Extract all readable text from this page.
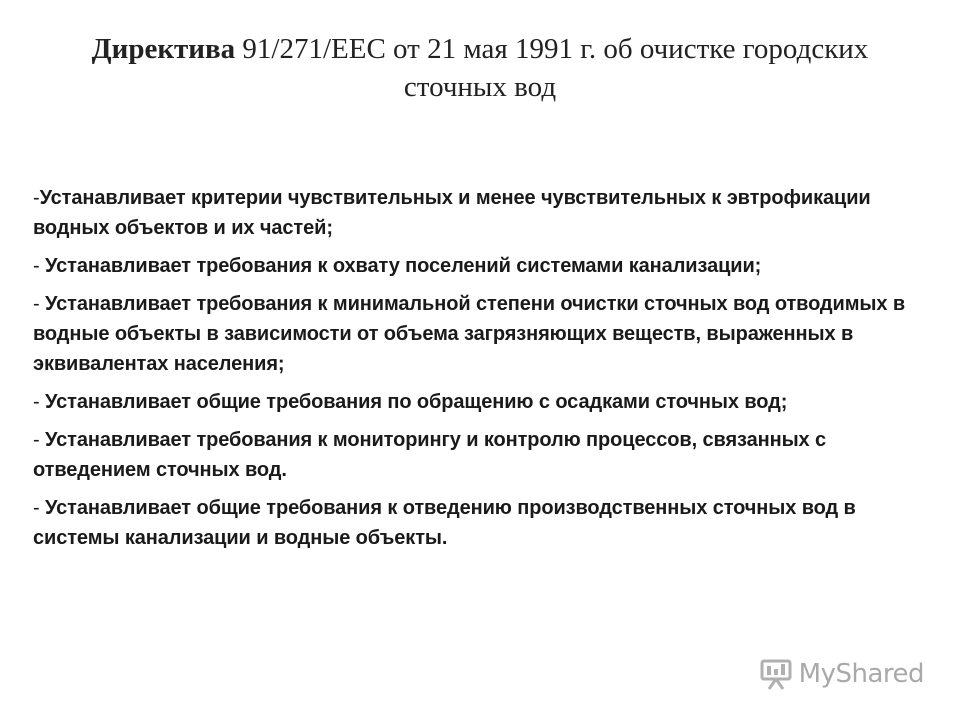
Директива 91/271/EEC от 21 мая 1991 г. об очистке городских
сточных вод

-Устанавливает критерии чувствительных и менее чувствительных к эвтрофикации водных объектов и их частей;

- Устанавливает требования к охвату поселений системами канализации;

- Устанавливает требования к минимальной степени очистки сточных вод отводимых в водные объекты в зависимости от объема загрязняющих веществ, выраженных в эквивалентах населения;

- Устанавливает общие требования по обращению с осадками сточных вод;

- Устанавливает требования к мониторингу и контролю процессов, связанных с отведением сточных вод.

- Устанавливает общие требования к отведению производственных сточных вод в системы канализации и водные объекты.

MyShared
